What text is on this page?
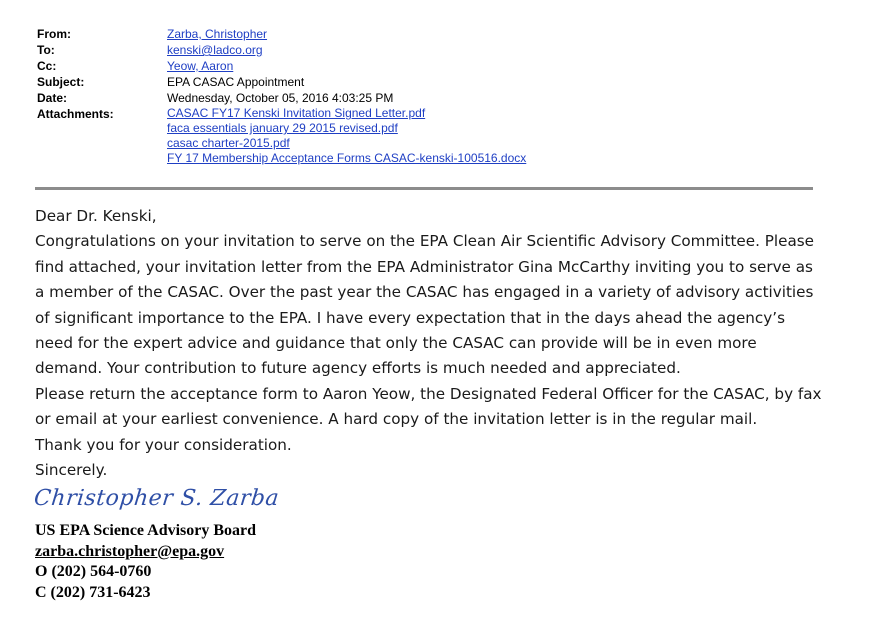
From:	Zarba, Christopher
To:	kenski@ladco.org
Cc:	Yeow, Aaron
Subject:	EPA CASAC Appointment
Date:	Wednesday, October 05, 2016 4:03:25 PM
Attachments:	CASAC FY17 Kenski Invitation Signed Letter.pdf
faca essentials january 29 2015 revised.pdf
casac charter-2015.pdf
FY 17 Membership Acceptance Forms CASAC-kenski-100516.docx

Dear Dr. Kenski,

Congratulations on your invitation to serve on the EPA Clean Air Scientific Advisory Committee. Please find attached, your invitation letter from the EPA Administrator Gina McCarthy inviting you to serve as a member of the CASAC. Over the past year the CASAC has engaged in a variety of advisory activities of significant importance to the EPA. I have every expectation that in the days ahead the agency’s need for the expert advice and guidance that only the CASAC can provide will be in even more demand. Your contribution to future agency efforts is much needed and appreciated.

Please return the acceptance form to Aaron Yeow, the Designated Federal Officer for the CASAC, by fax or email at your earliest convenience. A hard copy of the invitation letter is in the regular mail.

Thank you for your consideration.

Sincerely.

Christopher S. Zarba
US EPA Science Advisory Board
zarba.christopher@epa.gov
O (202) 564-0760
C (202) 731-6423
